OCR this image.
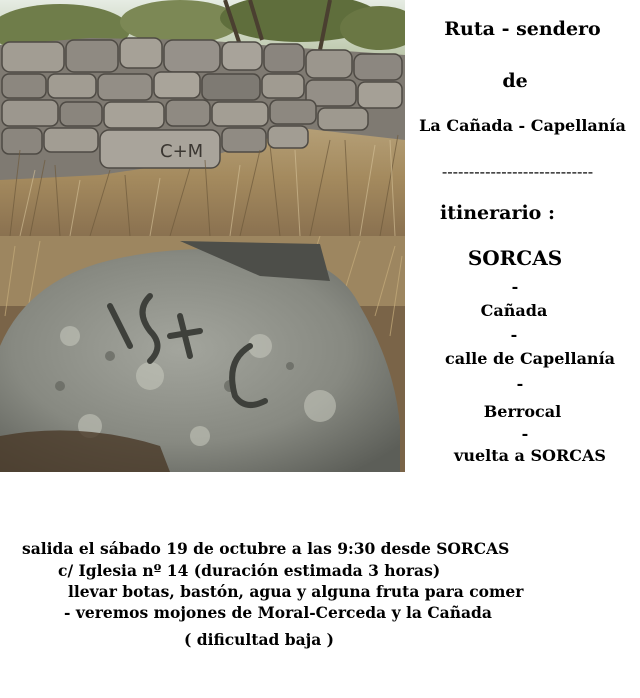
C+M
Ruta - sendero
de
La Cañada - Capellanía
----------------------------
itinerario :
SORCAS
-
Cañada
-
calle de Capellanía
-
Berrocal
-
vuelta a SORCAS
salida el sábado 19 de octubre a las 9:30 desde SORCAS
c/ Iglesia nº 14 (duración estimada 3 horas)
llevar botas, bastón, agua y alguna fruta para comer
- veremos mojones de Moral-Cerceda y la Cañada
( dificultad baja )
